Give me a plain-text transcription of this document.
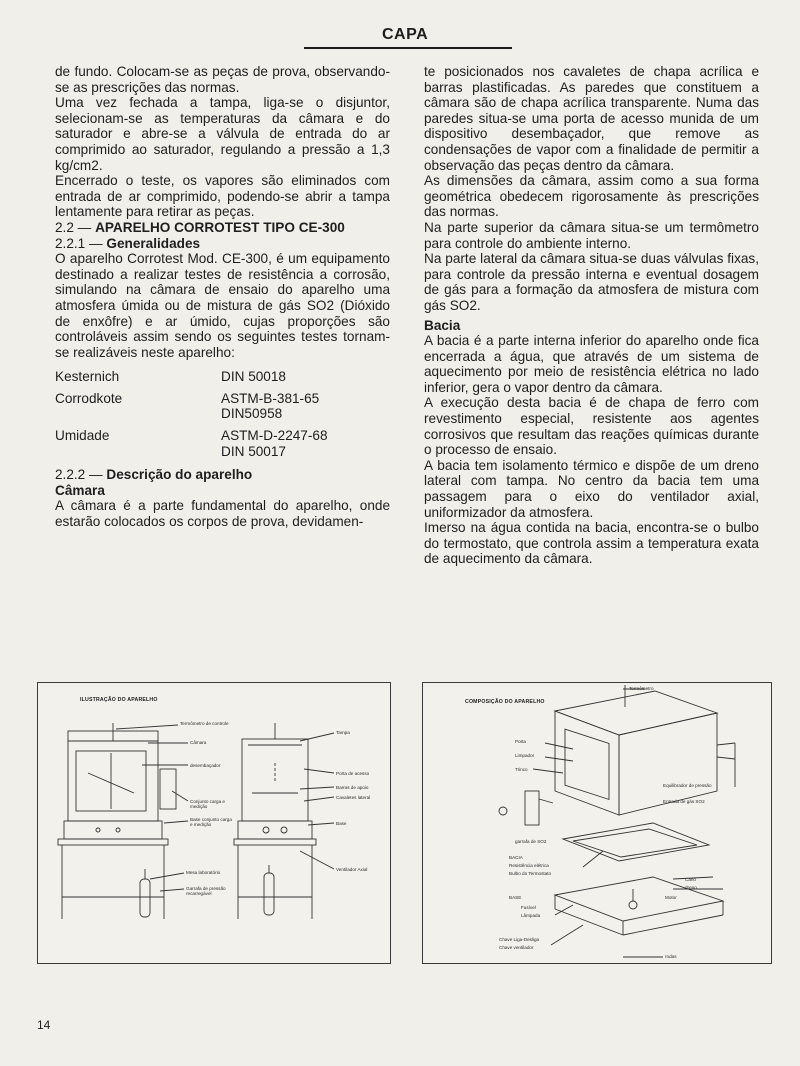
CAPA

de fundo. Colocam-se as peças de prova, observando-se as prescrições das normas.

Uma vez fechada a tampa, liga-se o disjuntor, selecionam-se as temperaturas da câmara e do saturador e abre-se a válvula de entrada do ar comprimido ao saturador, regulando a pressão a 1,3 kg/cm2.

Encerrado o teste, os vapores são eliminados com entrada de ar comprimido, podendo-se abrir a tampa lentamente para retirar as peças.

2.2 — APARELHO CORROTEST TIPO CE-300

2.2.1 — Generalidades

O aparelho Corrotest Mod. CE-300, é um equipamento destinado a realizar testes de resistência a corrosão, simulando na câmara de ensaio do aparelho uma atmosfera úmida ou de mistura de gás SO2 (Dióxido de enxôfre) e ar úmido, cujas proporções são controláveis assim sendo os seguintes testes tornam-se realizáveis neste aparelho:

Kesternich	DIN 50018
Corrodkote	ASTM-B-381-65
DIN50958
Umidade	ASTM-D-2247-68
DIN 50017

2.2.2 — Descrição do aparelho

Câmara

A câmara é a parte fundamental do aparelho, onde estarão colocados os corpos de prova, devidamen-

te posicionados nos cavaletes de chapa acrílica e barras plastificadas. As paredes que constituem a câmara são de chapa acrílica transparente. Numa das paredes situa-se uma porta de acesso munida de um dispositivo desembaçador, que remove as condensações de vapor com a finalidade de permitir a observação das peças dentro da câmara.

As dimensões da câmara, assim como a sua forma geométrica obedecem rigorosamente às prescrições das normas.

Na parte superior da câmara situa-se um termômetro para controle do ambiente interno.

Na parte lateral da câmara situa-se duas válvulas fixas, para controle da pressão interna e eventual dosagem de gás para a formação da atmosfera de mistura com gás SO2.

Bacia

A bacia é a parte interna inferior do aparelho onde fica encerrada a água, que através de um sistema de aquecimento por meio de resistência elétrica no lado inferior, gera o vapor dentro da câmara.

A execução desta bacia é de chapa de ferro com revestimento especial, resistente aos agentes corrosivos que resultam das reações químicas durante o processo de ensaio.

A bacia tem isolamento térmico e dispõe de um dreno lateral com tampa. No centro da bacia tem uma passagem para o eixo do ventilador axial, uniformizador da atmosfera.

Imerso na água contida na bacia, encontra-se o bulbo do termostato, que controla assim a temperatura exata de aquecimento da câmara.

ILUSTRAÇÃO DO APARELHO
Termômetro de controle
Câmara
desembaçador
Conjunto carga e medição
Base conjunto carga e medição
Mesa laboratório
Garrafa de pressão recarregável
Tampa
Porta de acesso
Barras de apoio
Cavaletes lateral
Base
Ventilador Axial
COMPOSIÇÃO DO APARELHO
Termômetro
Porta
Limpador
Trinco
Equilibrador de pressão
Entrada de gás SO2
garrafa de SO2
BACIA
Resistência elétrica
Bulbo do Termostato
Cano
dreno
BASE	Motor
Fusível
Lâmpada
Chave Liga-Desliga
Chave ventilador
rodas
14
